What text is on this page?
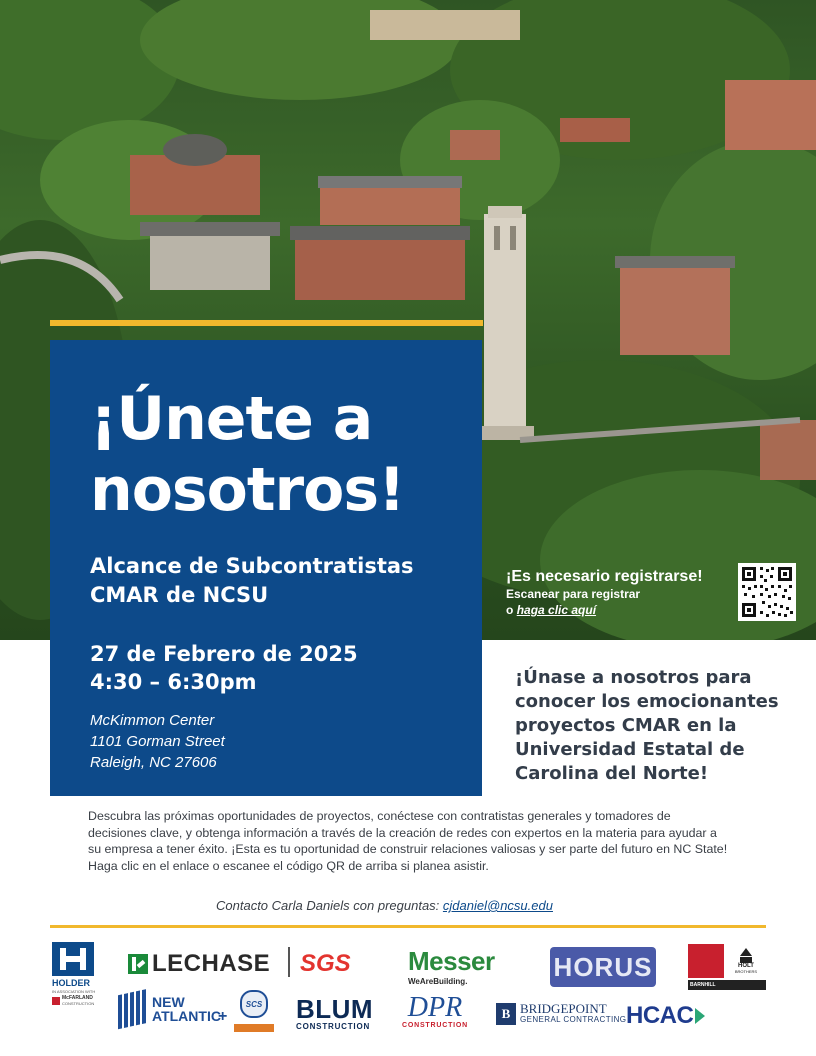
¡Únete a
nosotros!
Alcance de Subcontratistas
CMAR de NCSU
27 de Febrero de 2025
4:30 – 6:30pm
McKimmon Center
1101 Gorman Street
Raleigh, NC 27606
¡Es necesario registrarse!
Escanear para registrar
o haga clic aquí
¡Únase a nosotros para conocer los emocionantes proyectos CMAR en la Universidad Estatal de Carolina del Norte!
Descubra las próximas oportunidades de proyectos, conéctese con contratistas generales y tomadores de decisiones clave, y obtenga información a través de la creación de redes con expertos en la materia para ayudar a su empresa a tener éxito. ¡Esta es tu oportunidad de construir relaciones valiosas y ser parte del futuro en NC State! Haga clic en el enlace o escanee el código QR de arriba si planea asistir.
Contacto Carla Daniels con preguntas: cjdaniel@ncsu.edu
HOLDER
IN ASSOCIATION WITH
McFARLAND
CONSTRUCTION
LECHASE SGS Messer
WeAreBuilding.	HORUS	HOLT
BROTHERS
BARNHILL
NEW
ATLANTIC
+
SCS BLUM
CONSTRUCTION
DPR
CONSTRUCTION
B BRIDGEPOINT
GENERAL CONTRACTING HCAC
